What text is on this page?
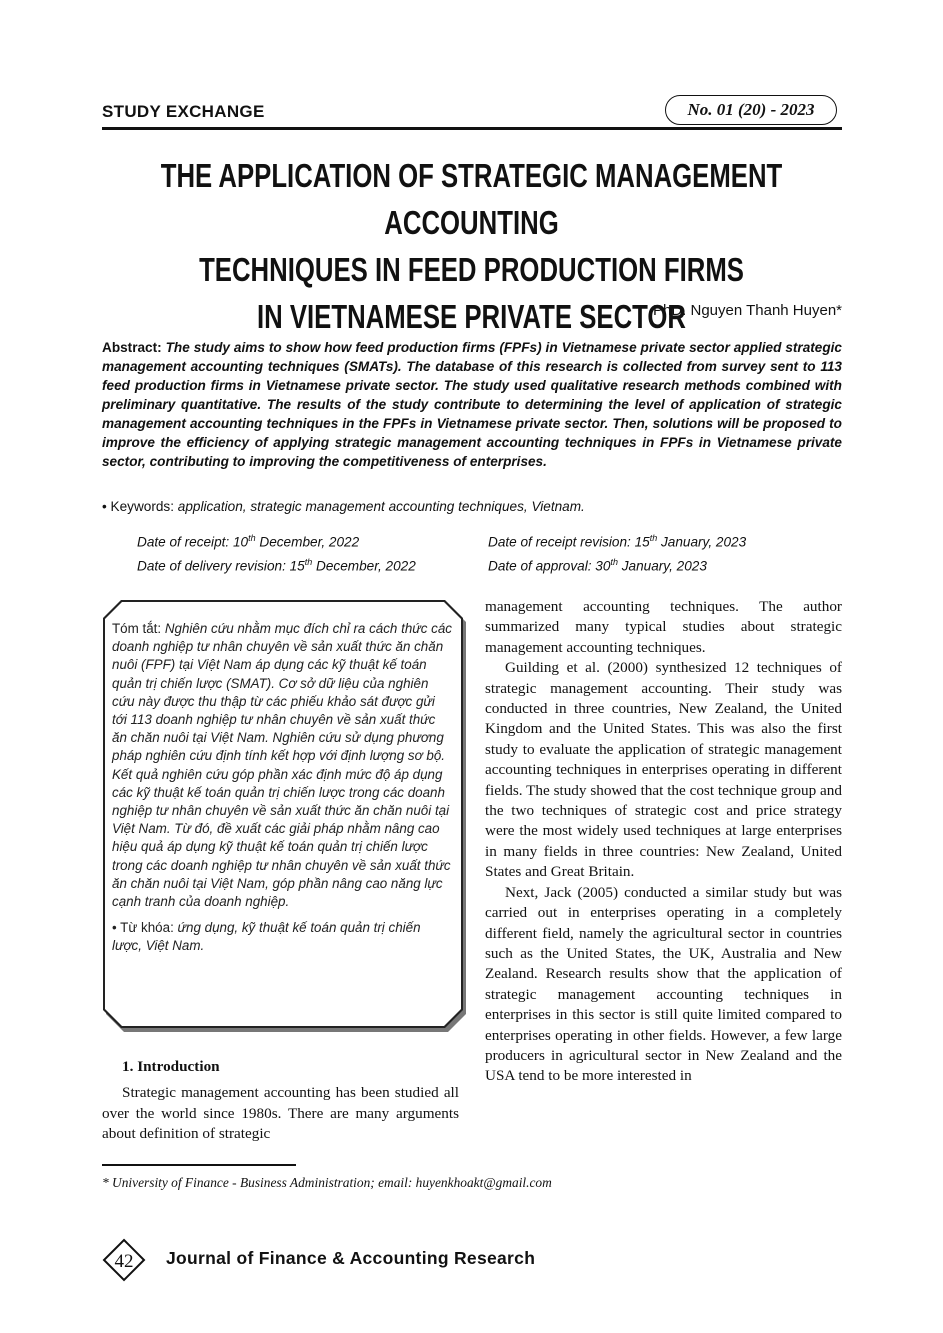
STUDY EXCHANGE	No. 01 (20) - 2023
THE APPLICATION OF STRATEGIC MANAGEMENT ACCOUNTING
TECHNIQUES IN FEED PRODUCTION FIRMS
IN VIETNAMESE PRIVATE SECTOR
PhD. Nguyen Thanh Huyen*
Abstract: The study aims to show how feed production firms (FPFs) in Vietnamese private sector applied strategic management accounting techniques (SMATs). The database of this research is collected from survey sent to 113 feed production firms in Vietnamese private sector. The study used qualitative research methods combined with preliminary quantitative. The results of the study contribute to determining the level of application of strategic management accounting techniques in the FPFs in Vietnamese private sector. Then, solutions will be proposed to improve the efficiency of applying strategic management accounting techniques in FPFs in Vietnamese private sector, contributing to improving the competitiveness of enterprises.
• Keywords: application, strategic management accounting techniques, Vietnam.
Date of receipt: 10th December, 2022	Date of receipt revision: 15th January, 2023
Date of delivery revision: 15th December, 2022	Date of approval: 30th January, 2023

Tóm tắt: Nghiên cứu nhằm mục đích chỉ ra cách thức các doanh nghiệp tư nhân chuyên về sản xuất thức ăn chăn nuôi (FPF) tại Việt Nam áp dụng các kỹ thuật kế toán quản trị chiến lược (SMAT). Cơ sở dữ liệu của nghiên cứu này được thu thập từ các phiếu khảo sát được gửi tới 113 doanh nghiệp tư nhân chuyên về sản xuất thức ăn chăn nuôi tại Việt Nam. Nghiên cứu sử dụng phương pháp nghiên cứu định tính kết hợp với định lượng sơ bộ. Kết quả nghiên cứu góp phần xác định mức độ áp dụng các kỹ thuật kế toán quản trị chiến lược trong các doanh nghiệp tư nhân chuyên về sản xuất thức ăn chăn nuôi tại Việt Nam. Từ đó, đề xuất các giải pháp nhằm nâng cao hiệu quả áp dụng kỹ thuật kế toán quản trị chiến lược trong các doanh nghiệp tư nhân chuyên về sản xuất thức ăn chăn nuôi tại Việt Nam, góp phần nâng cao năng lực cạnh tranh của doanh nghiệp.

• Từ khóa: ứng dụng, kỹ thuật kế toán quản trị chiến lược, Việt Nam.

1. Introduction

Strategic management accounting has been studied all over the world since 1980s. There are many arguments about definition of strategic

management accounting techniques. The author summarized many typical studies about strategic management accounting techniques.

Guilding et al. (2000) synthesized 12 techniques of strategic management accounting. Their study was conducted in three countries, New Zealand, the United Kingdom and the United States. This was also the first study to evaluate the application of strategic management accounting techniques in enterprises operating in different fields. The study showed that the cost technique group and the two techniques of strategic cost and price strategy were the most widely used techniques at large enterprises in many fields in three countries: New Zealand, United States and Great Britain.

Next, Jack (2005) conducted a similar study but was carried out in enterprises operating in a completely different field, namely the agricultural sector in countries such as the United States, the UK, Australia and New Zealand. Research results show that the application of strategic management accounting techniques in enterprises in this sector is still quite limited compared to enterprises operating in other fields. However, a few large producers in agricultural sector in New Zealand and the USA tend to be more interested in

* University of Finance - Business Administration; email: huyenkhoakt@gmail.com
42 Journal of Finance & Accounting Research
